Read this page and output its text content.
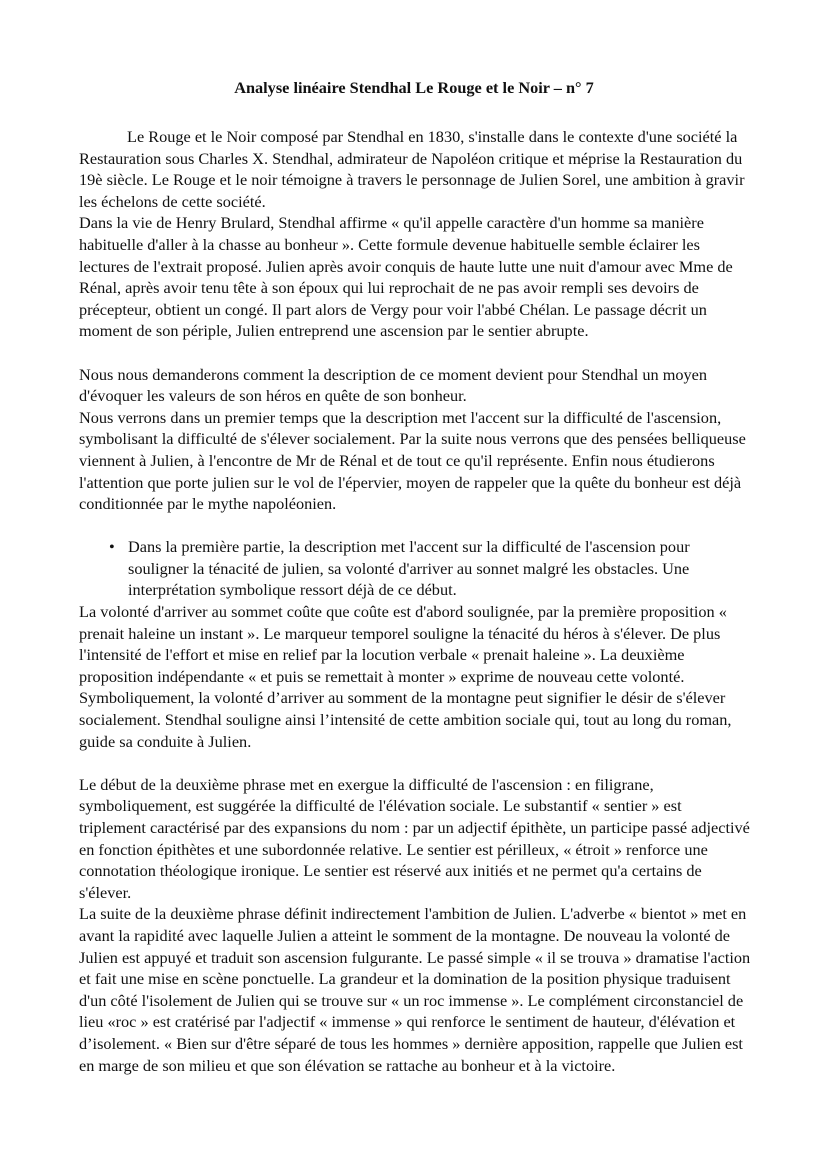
Analyse linéaire Stendhal Le Rouge et le Noir – n° 7

Le Rouge et le Noir composé par Stendhal en 1830, s'installe dans le contexte d'une société la Restauration sous Charles X. Stendhal, admirateur de Napoléon critique et méprise la Restauration du 19è siècle. Le Rouge et le noir témoigne à travers le personnage de Julien Sorel, une ambition à gravir les échelons de cette société.

Dans la vie de Henry Brulard, Stendhal affirme « qu'il appelle caractère d'un homme sa manière habituelle d'aller à la chasse au bonheur ». Cette formule devenue habituelle semble éclairer les lectures de l'extrait proposé. Julien après avoir conquis de haute lutte une nuit d'amour avec Mme de Rénal, après avoir tenu tête à son époux qui lui reprochait de ne pas avoir rempli ses devoirs de précepteur, obtient un congé. Il part alors de Vergy pour voir l'abbé Chélan. Le passage décrit un moment de son périple, Julien entreprend une ascension par le sentier abrupte.

Nous nous demanderons comment la description de ce moment devient pour Stendhal un moyen d'évoquer les valeurs de son héros en quête de son bonheur.

Nous verrons dans un premier temps que la description met l'accent sur la difficulté de l'ascension, symbolisant la difficulté de s'élever socialement. Par la suite nous verrons que des pensées belliqueuse viennent à Julien, à l'encontre de Mr de Rénal et de tout ce qu'il représente. Enfin nous étudierons l'attention que porte julien sur le vol de l'épervier, moyen de rappeler que la quête du bonheur est déjà conditionnée par le mythe napoléonien.

• Dans la première partie, la description met l'accent sur la difficulté de l'ascension pour souligner la ténacité de julien, sa volonté d'arriver au sonnet malgré les obstacles. Une interprétation symbolique ressort déjà de ce début.

La volonté d'arriver au sommet coûte que coûte est d'abord soulignée, par la première proposition « prenait haleine un instant ». Le marqueur temporel souligne la ténacité du héros à s'élever. De plus l'intensité de l'effort et mise en relief par la locution verbale « prenait haleine ». La deuxième proposition indépendante « et puis se remettait à monter » exprime de nouveau cette volonté. Symboliquement, la volonté d’arriver au somment de la montagne peut signifier le désir de s'élever socialement. Stendhal souligne ainsi l’intensité de cette ambition sociale qui, tout au long du roman, guide sa conduite à Julien.

Le début de la deuxième phrase met en exergue la difficulté de l'ascension : en filigrane, symboliquement, est suggérée la difficulté de l'élévation sociale. Le substantif « sentier » est triplement caractérisé par des expansions du nom : par un adjectif épithète, un participe passé adjectivé en fonction épithètes et une subordonnée relative. Le sentier est périlleux, « étroit » renforce une connotation théologique ironique. Le sentier est réservé aux initiés et ne permet qu'a certains de s'élever.

La suite de la deuxième phrase définit indirectement l'ambition de Julien. L'adverbe « bientot » met en avant la rapidité avec laquelle Julien a atteint le somment de la montagne. De nouveau la volonté de Julien est appuyé et traduit son ascension fulgurante. Le passé simple « il se trouva » dramatise l'action et fait une mise en scène ponctuelle. La grandeur et la domination de la position physique traduisent d'un côté l'isolement de Julien qui se trouve sur « un roc immense ». Le complément circonstanciel de lieu «roc » est cratérisé par l'adjectif « immense » qui renforce le sentiment de hauteur, d'élévation et d’isolement. « Bien sur d'être séparé de tous les hommes » dernière apposition, rappelle que Julien est en marge de son milieu et que son élévation se rattache au bonheur et à la victoire.
